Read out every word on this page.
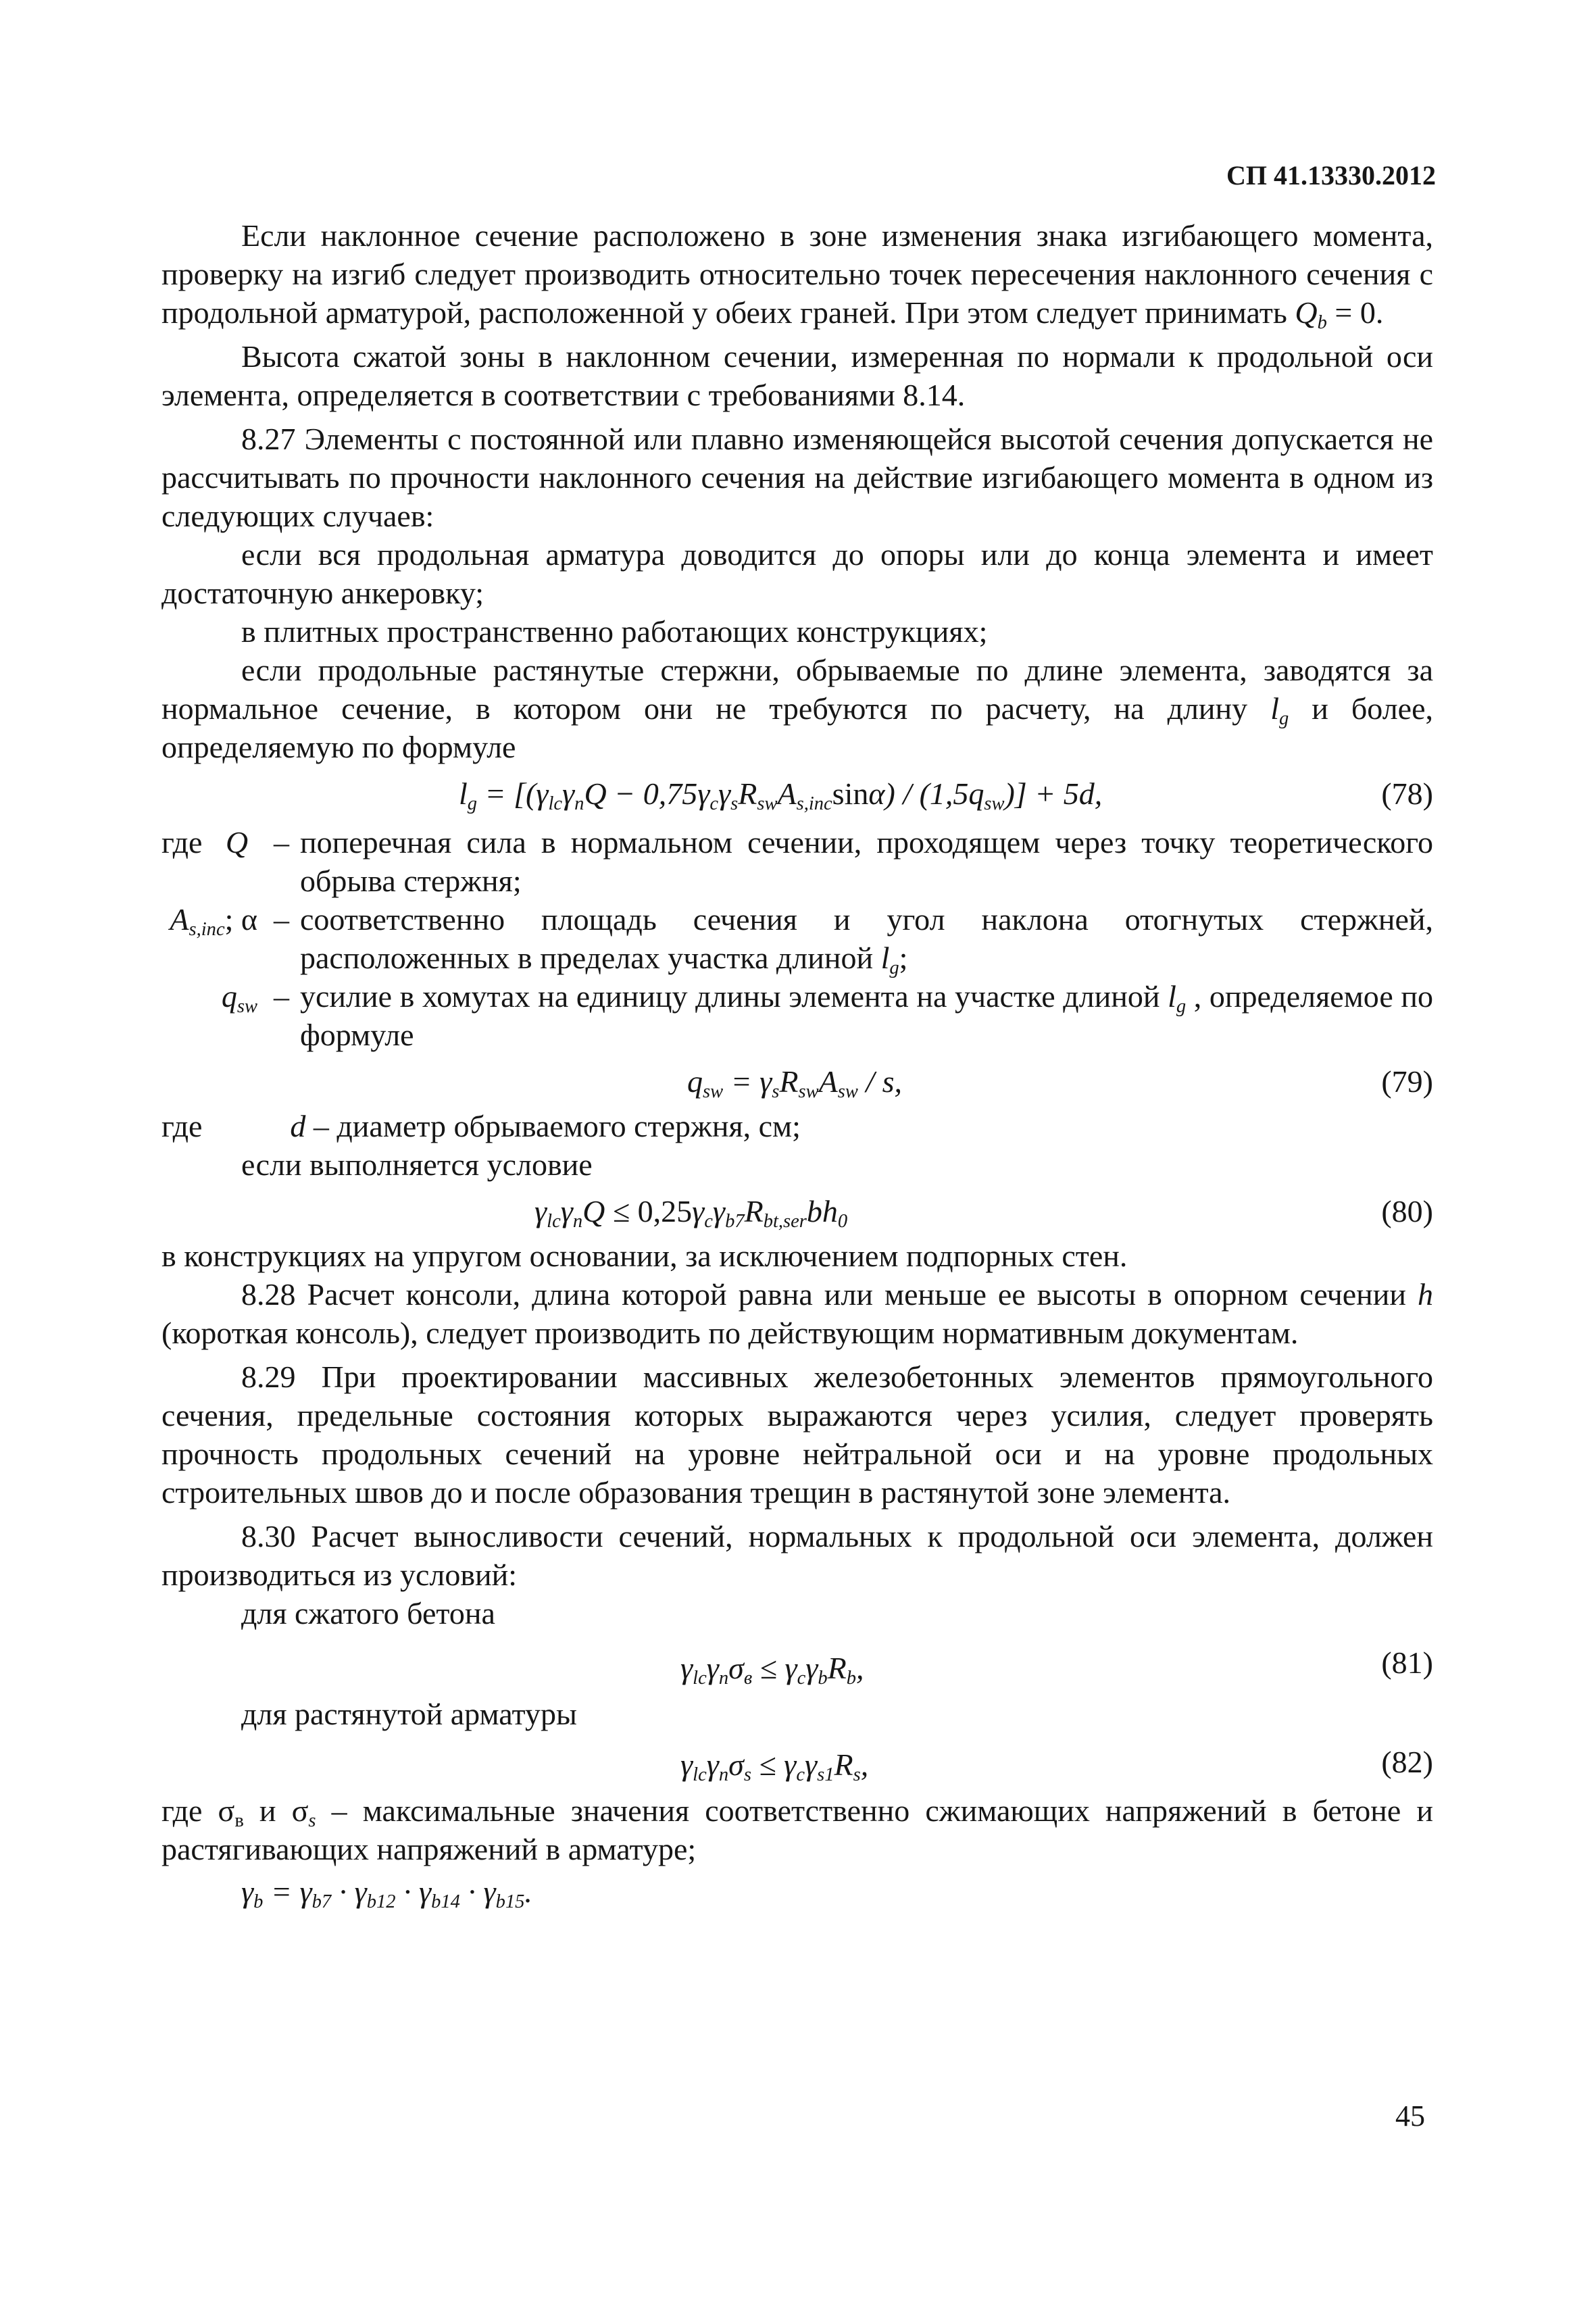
СП 41.13330.2012

Если наклонное сечение расположено в зоне изменения знака изгибающего момента, проверку на изгиб следует производить относительно точек пересечения наклонного сечения с продольной арматурой, расположенной у обеих граней. При этом следует принимать $Q_b = 0$.

Высота сжатой зоны в наклонном сечении, измеренная по нормали к продольной оси элемента, определяется в соответствии с требованиями 8.14.

8.27 Элементы с постоянной или плавно изменяющейся высотой сечения допускается не рассчитывать по прочности наклонного сечения на действие изгибающего момента в одном из следующих случаев:

если вся продольная арматура доводится до опоры или до конца элемента и имеет достаточную анкеровку;

в плитных пространственно работающих конструкциях;

если продольные растянутые стержни, обрываемые по длине элемента, заводятся за нормальное сечение, в котором они не требуются по расчету, на длину $l_g$ и более, определяемую по формуле

$l_g = [(\gamma_{lc}\gamma_nQ - 0,75\gamma_c\gamma_sR_{sw}A_{s,inc}\sin\alpha) / (1,5q_{sw})] + 5d$,	(78)
где Q – поперечная сила в нормальном сечении, проходящем через точку теоретического обрыва стержня;
$A_{s,inc}$; α – соответственно площадь сечения и угол наклона отогнутых стержней, расположенных в пределах участка длиной $l_g$;
$q_{sw}$ – усилие в хомутах на единицу длины элемента на участке длиной $l_g$ , определяемое по формуле
$q_{sw} = \gamma_sR_{sw}A_{sw} / s$,	(79)

где	d – диаметр обрываемого стержня, см;

если выполняется условие

$\gamma_{lc}\gamma_nQ \le 0,25\gamma_c\gamma_{b7}R_{bt,ser}bh_0$	(80)

в конструкциях на упругом основании, за исключением подпорных стен.

8.28 Расчет консоли, длина которой равна или меньше ее высоты в опорном сечении h (короткая консоль), следует производить по действующим нормативным документам.

8.29 При проектировании массивных железобетонных элементов прямоугольного сечения, предельные состояния которых выражаются через усилия, следует проверять прочность продольных сечений на уровне нейтральной оси и на уровне продольных строительных швов до и после образования трещин в растянутой зоне элемента.

8.30 Расчет выносливости сечений, нормальных к продольной оси элемента, должен производиться из условий:

для сжатого бетона

$\gamma_{lc}\gamma_n\sigma_в \le \gamma_c\gamma_bR_b$,	(81)

для растянутой арматуры

$\gamma_{lc}\gamma_n\sigma_s \le \gamma_c\gamma_{s1}R_s$,	(82)

где $\sigma_в$ и $\sigma_s$ – максимальные значения соответственно сжимающих напряжений в бетоне и растягивающих напряжений в арматуре;

$\gamma_b = \gamma_{b7} \cdot \gamma_{b12} \cdot \gamma_{b14} \cdot \gamma_{b15}$.
45
